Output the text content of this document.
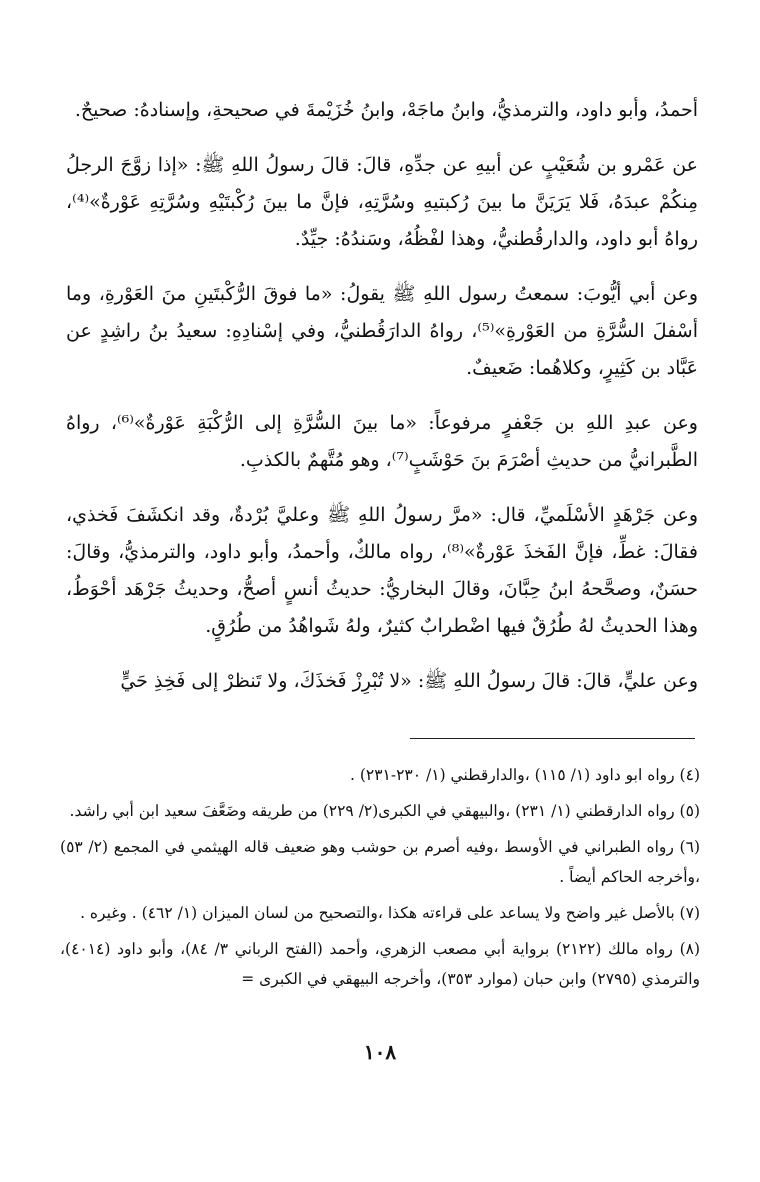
أحمدُ، وأبو داود، والترمذيُّ، وابنُ ماجَهْ، وابنُ خُزَيْمةَ في صحيحةِ، وإسنادهُ: صحيحٌ.

عن عَمْرو بن شُعَيْبٍ عن أبيهِ عن جدِّهِ، قالَ: قالَ رسولُ اللهِ ﷺ: «إذا زوَّجَ الرجلُ مِنكُمْ عبدَهُ، فَلا يَرَيَنَّ ما بينَ رُكبتيهِ وسُرَّتِهِ، فإنَّ ما بينَ رُكْبتَيْهِ وسُرَّتِهِ عَوْرةٌ»⁽⁴⁾، رواهُ أبو داود، والدارقُطنيُّ، وهذا لفْظُهُ، وسَندُهُ: جيِّدٌ.

وعن أبي أيُّوبَ: سمعتُ رسول اللهِ ﷺ يقولُ: «ما فوقَ الرُّكْبتَينِ منَ العَوْرةِ، وما أسْفلَ السُّرَّةِ من العَوْرةِ»⁽⁵⁾، رواهُ الدارَقُطنيُّ، وفي إسْنادِهِ: سعيدُ بنُ راشِدٍ عن عَبَّاد بن كَثِيرٍ، وكلاهُما: ضَعيفٌ.

وعن عبدِ اللهِ بن جَعْفرٍ مرفوعاً: «ما بينَ السُّرَّةِ إلى الرُّكْبَةِ عَوْرةٌ»⁽⁶⁾، رواهُ الطَّبرانيُّ من حديثِ أصْرَمَ بنَ حَوْشَبٍ⁽⁷⁾، وهو مُتَّهمٌ بالكذبِ.

وعن جَرْهَدٍ الأسْلَميِّ، قال: «مرَّ رسولُ اللهِ ﷺ وعليَّ بُرْدةٌ، وقد انكشَفَ فَخذي، فقالَ: غطِّ، فإنَّ الفَخذَ عَوْرةٌ»⁽⁸⁾، رواه مالكٌ، وأحمدُ، وأبو داود، والترمذيُّ، وقالَ: حسَنٌ، وصحَّحهُ ابنُ حِبَّانَ، وقالَ البخاريُّ: حديثُ أنسٍ أصحُّ، وحديثُ جَرْهَد أحْوَطُ، وهذا الحديثُ لهُ طُرُقٌ فيها اضْطرابٌ كثيرٌ، ولهُ شَواهُدُ من طُرُقٍ.

وعن عليٍّ، قالَ: قالَ رسولُ اللهِ ﷺ: «لا تُبْرِزْ فَخذَكَ، ولا تَنظرْ إلى فَخِذِ حَيٍّ

(٤) رواه ابو داود (١/ ١١٥) ،والدارقطني (١/ ٢٣٠-٢٣١) .

(٥) رواه الدارقطني (١/ ٢٣١) ،والبيهقي في الكبرى(٢/ ٢٢٩) من طريقه وضَعَّفَ سعيد ابن أبي راشد.

(٦) رواه الطبراني في الأوسط ،وفيه أصرم بن حوشب وهو ضعيف قاله الهيثمي في المجمع (٢/ ٥٣) ،وأخرجه الحاكم أيضاً .

(٧) بالأصل غير واضح ولا يساعد على قراءته هكذا ،والتصحيح من لسان الميزان (١/ ٤٦٢) . وغيره .

(٨) رواه مالك (٢١٢٢) برواية أبي مصعب الزهري، وأحمد (الفتح الرباني ٣/ ٨٤)، وأبو داود (٤٠١٤)، والترمذي (٢٧٩٥) وابن حبان (موارد ٣٥٣)، وأخرجه البيهقي في الكبرى =

١٠٨
